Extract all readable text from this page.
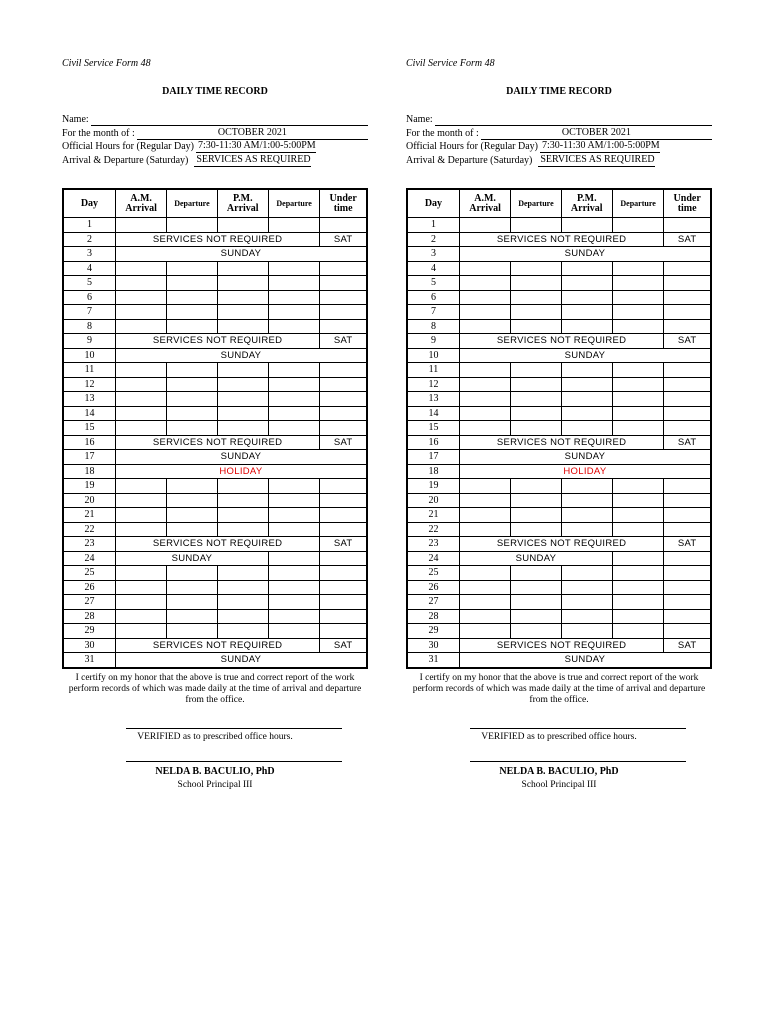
Civil Service Form 48
DAILY TIME RECORD
Name:
For the month of :	OCTOBER 2021
Official Hours for (Regular Day) 7:30-11:30 AM/1:00-5:00PM
Arrival & Departure (Saturday) SERVICES AS REQUIRED
Day	A.M. Arrival	Departure	P.M. Arrival	Departure	Under time
1					
2	SERVICES NOT REQUIRED				SAT
3	SUNDAY				
4					
5					
6					
7					
8					
9	SERVICES NOT REQUIRED				SAT
10	SUNDAY				
11					
12					
13					
14					
15					
16	SERVICES NOT REQUIRED				SAT
17	SUNDAY				
18	HOLIDAY				
19					
20					
21					
22					
23	SERVICES NOT REQUIRED				SAT
24	SUNDAY				
25					
26					
27					
28					
29					
30	SERVICES NOT REQUIRED				SAT
31	SUNDAY				
I certify on my honor that the above is true and correct report of the work perform records of which was made daily at the time of arrival and departure from the office.
VERIFIED as to prescribed office hours.
NELDA B. BACULIO, PhD
School Principal III
Civil Service Form 48
DAILY TIME RECORD
Name:
For the month of :	OCTOBER 2021
Official Hours for (Regular Day) 7:30-11:30 AM/1:00-5:00PM
Arrival & Departure (Saturday) SERVICES AS REQUIRED
Day	A.M. Arrival	Departure	P.M. Arrival	Departure	Under time
1					
2	SERVICES NOT REQUIRED				SAT
3	SUNDAY				
4					
5					
6					
7					
8					
9	SERVICES NOT REQUIRED				SAT
10	SUNDAY				
11					
12					
13					
14					
15					
16	SERVICES NOT REQUIRED				SAT
17	SUNDAY				
18	HOLIDAY				
19					
20					
21					
22					
23	SERVICES NOT REQUIRED				SAT
24	SUNDAY				
25					
26					
27					
28					
29					
30	SERVICES NOT REQUIRED				SAT
31	SUNDAY				
I certify on my honor that the above is true and correct report of the work perform records of which was made daily at the time of arrival and departure from the office.
VERIFIED as to prescribed office hours.
NELDA B. BACULIO, PhD
School Principal III
